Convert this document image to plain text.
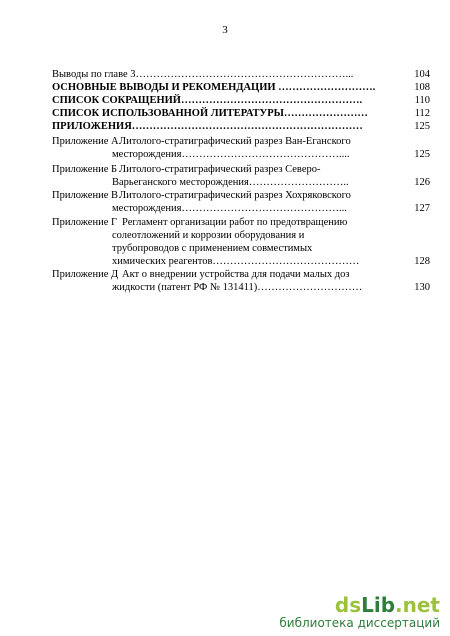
3
Выводы по главе 3……………………………………………………...	104
ОСНОВНЫЕ ВЫВОДЫ И РЕКОМЕНДАЦИИ ……………………….	108
СПИСОК СОКРАЩЕНИЙ…………………………………………….	110
СПИСОК ИСПОЛЬЗОВАННОЙ ЛИТЕРАТУРЫ……………………	112
ПРИЛОЖЕНИЯ…………………………………………………………	125
Приложение А Литолого-стратиграфический разрез Ван-Еганского
месторождения………………………………………....	125
Приложение Б Литолого-стратиграфический разрез Северо-
Варьеганского месторождения………………………..	126
Приложение В Литолого-стратиграфический разрез Хохряковского
месторождения………………………………………...	127
Приложение Г Регламент организации работ по предотвращению
солеотложений и коррозии оборудования и
трубопроводов с применением совместимых
химических реагентов……………………………………	128
Приложение Д Акт о внедрении устройства для подачи малых доз
жидкости (патент РФ № 131411)…………………………	130
dsLib.net
библиотека диссертаций
